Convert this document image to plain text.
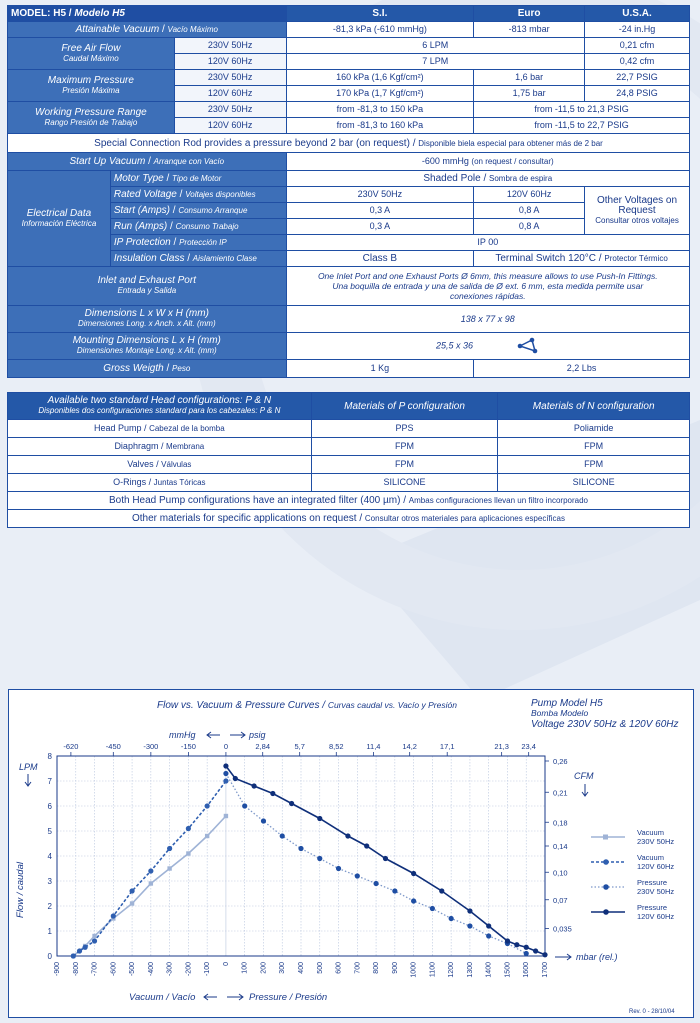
MODEL: H5 / Modelo H5			S.I.	Euro	U.S.A.
Attainable Vacuum / Vacío Máximo			-81,3 kPa (-610 mmHg)	-813 mbar	-24 in.Hg
Free Air Flow
Caudal Máximo		230V 50Hz	6 LPM		0,21 cfm
		120V 60Hz	7 LPM		0,42 cfm
Maximum Pressure
Presión Máxima		230V 50Hz	160 kPa (1,6 Kgf/cm²)	1,6 bar	22,7 PSIG
		120V 60Hz	170 kPa (1,7 Kgf/cm²)	1,75 bar	24,8 PSIG
Working Pressure Range
Rango Presión de Trabajo		230V 50Hz	from -81,3 to 150 kPa	from -11,5 to 21,3 PSIG	
		120V 60Hz	from -81,3 to 160 kPa	from -11,5 to 22,7 PSIG	
Special Connection Rod provides a pressure beyond 2 bar (on request) / Disponible biela especial para obtener más de 2 bar					
Start Up Vacuum / Arranque con Vacío			-600 mmHg (on request / consultar)		
Electrical Data
Información Eléctrica	Motor Type / Tipo de Motor		Shaded Pole / Sombra de espira		
	Rated Voltage / Voltajes disponibles		230V 50Hz	120V 60Hz	Other Voltages on Request
Consultar otros voltajes
	Start (Amps) / Consumo Arranque		0,3 A	0,8 A	
	Run (Amps) / Consumo Trabajo		0,3 A	0,8 A	
	IP Protection / Protección IP		IP 00		
	Insulation Class / Aislamiento Clase		Class B	Terminal Switch 120°C / Protector Térmico	
Inlet and Exhaust Port
Entrada y Salida			One Inlet Port and one Exhaust Ports Ø 6mm, this measure allows to use Push-In Fittings.
Una boquilla de entrada y una de salida de Ø ext. 6 mm, esta medida permite usar
conexiones rápidas.		
Dimensions L x W x H (mm)
Dimensiones Long. x Anch. x Alt. (mm)			138 x 77 x 98		
Mounting Dimensions L x H (mm)
Dimensiones Montaje Long. x Alt. (mm)			25,5 x 36		
Gross Weigth / Peso			1 Kg	2,2 Lbs	
Available two standard Head configurations: P & N
Disponibles dos configuraciones standard para los cabezales: P & N	Materials of P configuration	Materials of N configuration
Head Pump / Cabezal de la bomba	PPS	Poliamide
Diaphragm / Membrana	FPM	FPM
Valves / Válvulas	FPM	FPM
O-Rings / Juntas Tóricas	SILICONE	SILICONE
Both Head Pump configurations have an integrated filter (400 µm) / Ambas configuraciones llevan un filtro incorporado		
Other materials for specific applications on request / Consultar otros materiales para aplicaciones específicas		
Flow vs. Vacuum & Pressure Curves / Curvas caudal vs. Vacío y Presión	Pump Model H5
Bomba Modelo
Voltage 230V 50Hz & 120V 60Hz
mmHg	psig
LPM
Flow / caudal
CFM
mbar (rel.)
Vacuum / Vacío	Pressure / Presión
Rev. 0 - 28/10/04
-900 -800 -700 -600 -500 -400 -300 -200 -100 0 100 200 300 400 500 600 700 800 900 1000 1100 1200 1300 1400 1500 1600 1700
0
1
2
3
4
5
6
7
8
0,26
0,21
0,18
0,14
0,10
0,07
0,035
-620	-450	-300	-150	0	2,84	5,7	8,52	11,4	14,2	17,1	21,3 23,4
Vacuum
230V 50Hz
Vacuum
120V 60Hz
Pressure
230V 50Hz
Pressure
120V 60Hz
